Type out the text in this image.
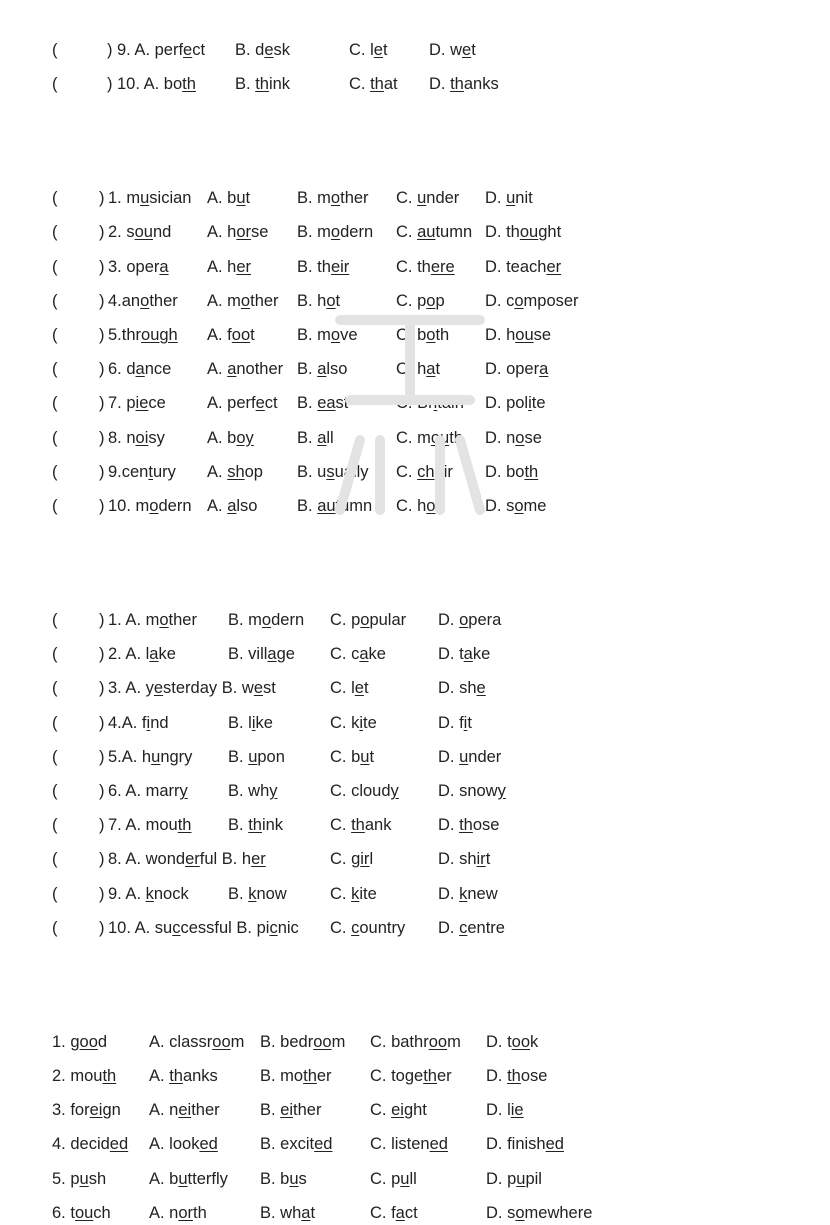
(	) 9. A. perfect B. desk	C. let	D. wet
(	) 10. A. both B. think	C. that D. thanks
(	) 1. musician A. but	B. mother C. under D. unit
(	) 2. sound A. horse B. modern C. autumn D. thought
(	) 3. opera A. her	B. their	C. there D. teacher
(	) 4.another A. mother B. hot	C. pop D. composer
(	) 5.through A. foot	B. move C. both D. house
(	) 6. dance A. another B. also	C. hat	D. opera
(	) 7. piece A. perfect B. east	C. Britain D. polite
(	) 8. noisy	A. boy	B. all	C. mouth D. nose
(	) 9.century A. shop B. usually C. chair D. both
(	) 10. modern A. also B. autumn C. hot	D. some
(	) 1. A. mother B. modern C. popular D. opera
(	) 2. A. lake	B. village C. cake	D. take
(	) 3. A. yesterday B. west	C. let	D. she
(	) 4.A. find	B. like	C. kite	D. fit
(	) 5.A. hungry B. upon	C. but	D. under
(	) 6. A. marry B. why	C. cloudy D. snowy
(	) 7. A. mouth B. think	C. thank	D. those
(	) 8. A. wonderful B. her	C. girl	D. shirt
(	) 9. A. knock B. know	C. kite	D. knew
(	) 10. A. successful B. picnic C. country D. centre
1. good	A. classroom B. bedroom C. bathroom D. took
2. mouth A. thanks	B. mother C. together D. those
3. foreign A. neither B. either	C. eight	D. lie
4. decided A. looked	B. excited C. listened D. finished
5. push	A. butterfly B. bus	C. pull	D. pupil
6. touch A. north	B. what	C. fact	D. somewhere
